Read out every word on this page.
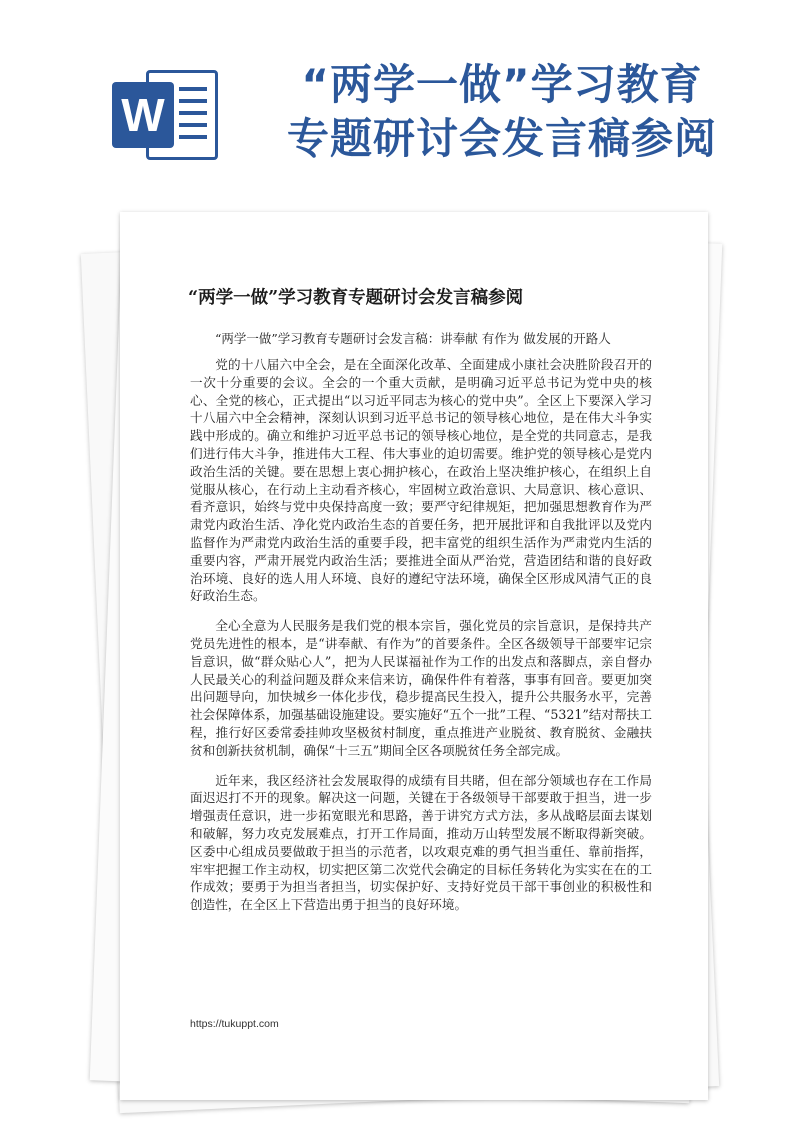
W
“两学一做”学习教育
专题研讨会发言稿参阅
“两学一做”学习教育专题研讨会发言稿参阅
“两学一做”学习教育专题研讨会发言稿：讲奉献 有作为 做发展的开路人

党的十八届六中全会，是在全面深化改革、全面建成小康社会决胜阶段召开的一次十分重要的会议。全会的一个重大贡献，是明确习近平总书记为党中央的核心、全党的核心，正式提出“以习近平同志为核心的党中央”。全区上下要深入学习十八届六中全会精神，深刻认识到习近平总书记的领导核心地位，是在伟大斗争实践中形成的。确立和维护习近平总书记的领导核心地位，是全党的共同意志，是我们进行伟大斗争，推进伟大工程、伟大事业的迫切需要。维护党的领导核心是党内政治生活的关键。要在思想上衷心拥护核心，在政治上坚决维护核心，在组织上自觉服从核心，在行动上主动看齐核心，牢固树立政治意识、大局意识、核心意识、看齐意识，始终与党中央保持高度一致；要严守纪律规矩，把加强思想教育作为严肃党内政治生活、净化党内政治生态的首要任务，把开展批评和自我批评以及党内监督作为严肃党内政治生活的重要手段，把丰富党的组织生活作为严肃党内生活的重要内容，严肃开展党内政治生活；要推进全面从严治党，营造团结和谐的良好政治环境、良好的选人用人环境、良好的遵纪守法环境，确保全区形成风清气正的良好政治生态。

全心全意为人民服务是我们党的根本宗旨，强化党员的宗旨意识，是保持共产党员先进性的根本，是“讲奉献、有作为”的首要条件。全区各级领导干部要牢记宗旨意识，做“群众贴心人”，把为人民谋福祉作为工作的出发点和落脚点，亲自督办人民最关心的利益问题及群众来信来访，确保件件有着落，事事有回音。要更加突出问题导向，加快城乡一体化步伐，稳步提高民生投入，提升公共服务水平，完善社会保障体系，加强基础设施建设。要实施好“五个一批”工程、“5321”结对帮扶工程，推行好区委常委挂帅攻坚极贫村制度，重点推进产业脱贫、教育脱贫、金融扶贫和创新扶贫机制，确保“十三五”期间全区各项脱贫任务全部完成。

近年来，我区经济社会发展取得的成绩有目共睹，但在部分领域也存在工作局面迟迟打不开的现象。解决这一问题，关键在于各级领导干部要敢于担当，进一步增强责任意识，进一步拓宽眼光和思路，善于讲究方式方法，多从战略层面去谋划和破解，努力攻克发展难点，打开工作局面，推动万山转型发展不断取得新突破。区委中心组成员要做敢于担当的示范者，以攻艰克难的勇气担当重任、靠前指挥，牢牢把握工作主动权，切实把区第二次党代会确定的目标任务转化为实实在在的工作成效；要勇于为担当者担当，切实保护好、支持好党员干部干事创业的积极性和创造性，在全区上下营造出勇于担当的良好环境。

https://tukuppt.com
